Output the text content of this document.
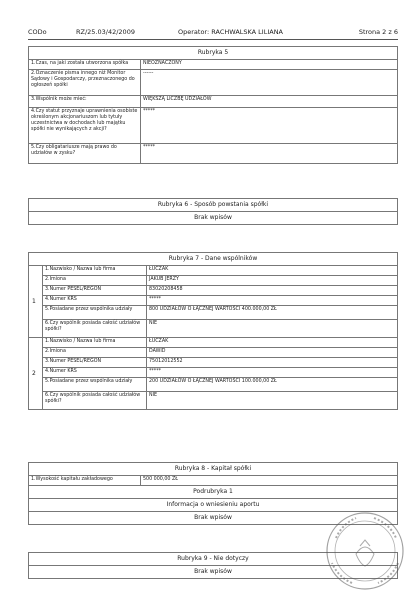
CODo	RZ/25.03/42/2009	Operator: RACHWALSKA LILIANA	Strona 2 z 6
Rubryka 5	
1.Czas, na jaki została utworzona spółka	NIEOZNACZONY
2.Oznaczenie pisma innego niż Monitor Sądowy i Gospodarczy, przeznaczonego do ogłoszeń spółki	------
3.Wspólnik może mieć:	WIĘKSZĄ LICZBĘ UDZIAŁÓW
4.Czy statut przyznaje uprawnienia osobiste określonym akcjonariuszom lub tytuły uczestnictwa w dochodach lub majątku spółki nie wynikających z akcji?	*****
5.Czy obligatariusze mają prawo do udziałów w zysku?	*****
Rubryka 6 - Sposób powstania spółki
Brak wpisów
Rubryka 7 - Dane wspólników		
1	1.Nazwisko / Nazwa lub firma	ŁUCZAK
	2.Imiona	JAKUB JERZY
	3.Numer PESEL/REGON	83020208458
	4.Numer KRS	*****
	5.Posiadane przez wspólnika udziały	800 UDZIAŁÓW O ŁĄCZNEJ WARTOŚCI 400.000,00 ZŁ
	6.Czy wspólnik posiada całość udziałów spółki?	NIE
2	1.Nazwisko / Nazwa lub firma	ŁUCZAK
	2.Imiona	DAWID
	3.Numer PESEL/REGON	75012012552
	4.Numer KRS	*****
	5.Posiadane przez wspólnika udziały	200 UDZIAŁÓW O ŁĄCZNEJ WARTOŚCI 100.000,00 ZŁ
	6.Czy wspólnik posiada całość udziałów spółki?	NIE
Rubryka 8 - Kapitał spółki
1.Wysokość kapitału zakładowego	500 000,00 ZŁ
Podrubryka 1
Informacja o wniesieniu aportu
Brak wpisów
Rubryka 9 - Nie dotyczy
Brak wpisów
